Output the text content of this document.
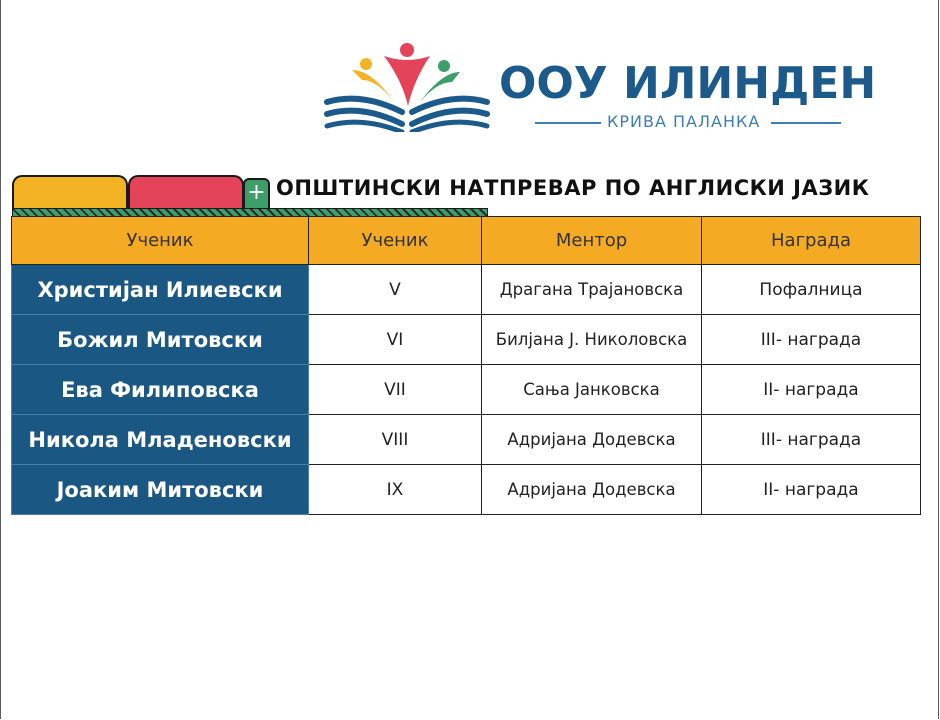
ООУ ИЛИНДЕН
КРИВА ПАЛАНКА
+ ОПШТИНСКИ НАТПРЕВАР ПО АНГЛИСКИ ЈАЗИК
Ученик	Ученик	Ментор	Награда
Христијан Илиевски	V	Драгана Трајановска	Пофалница
Божил Митовски	VI	Билјана Ј. Николовска	III- награда
Ева Филиповска	VII	Сања Јанковска	II- награда
Никола Младеновски	VIII	Адријана Додевска	III- награда
Јоаким Митовски	IX	Адријана Додевска	II- награда
